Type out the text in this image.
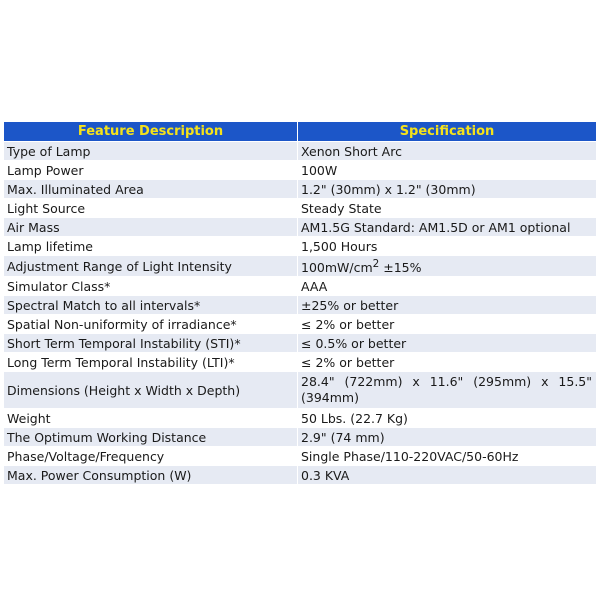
Feature Description	Specification
Type of Lamp	Xenon Short Arc
Lamp Power	100W
Max. Illuminated Area	1.2" (30mm) x 1.2" (30mm)
Light Source	Steady State
Air Mass	AM1.5G Standard: AM1.5D or AM1 optional
Lamp lifetime	1,500 Hours
Adjustment Range of Light Intensity	$100mW/cm^2 \pm 15\%$
Simulator Class*	AAA
Spectral Match to all intervals*	±25% or better
Spatial Non-uniformity of irradiance*	≤ 2% or better
Short Term Temporal Instability (STI)*	≤ 0.5% or better
Long Term Temporal Instability (LTI)*	≤ 2% or better
Dimensions (Height x Width x Depth)	28.4" (722mm) x 11.6" (295mm) x 15.5" (394mm)
Weight	50 Lbs. (22.7 Kg)
The Optimum Working Distance	2.9" (74 mm)
Phase/Voltage/Frequency	Single Phase/110-220VAC/50-60Hz
Max. Power Consumption (W)	0.3 KVA
